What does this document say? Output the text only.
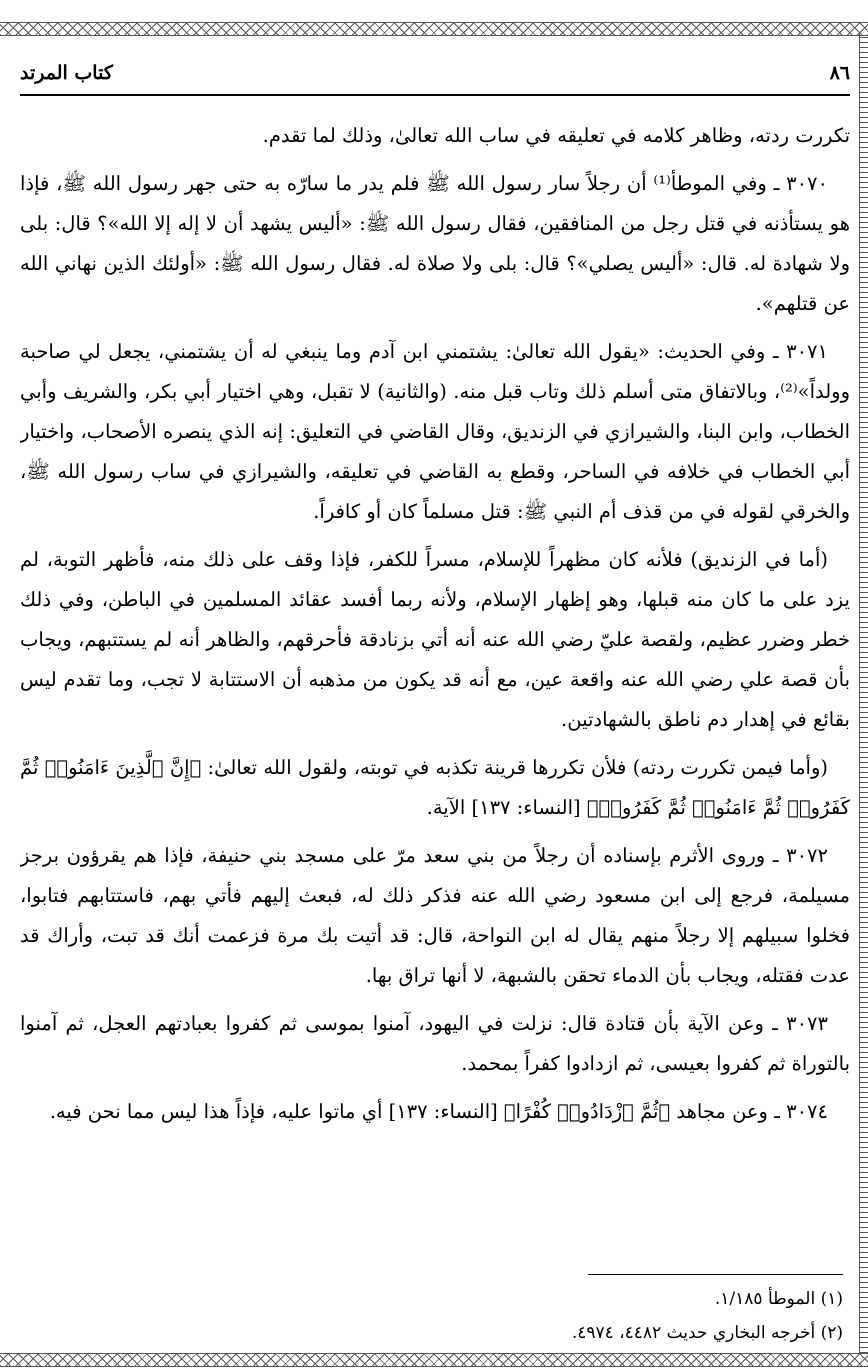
كتاب المرتد	٨٦

تكررت ردته، وظاهر كلامه في تعليقه في ساب الله تعالىٰ، وذلك لما تقدم.

٣٠٧٠ ـ وفي الموطأ⁽¹⁾ أن رجلاً سار رسول الله ﷺ فلم يدر ما سارّه به حتى جهر رسول الله ﷺ، فإذا هو يستأذنه في قتل رجل من المنافقين، فقال رسول الله ﷺ: «أليس يشهد أن لا إله إلا الله»؟ قال: بلى ولا شهادة له. قال: «أليس يصلي»؟ قال: بلى ولا صلاة له. فقال رسول الله ﷺ: «أولئك الذين نهاني الله عن قتلهم».

٣٠٧١ ـ وفي الحديث: «يقول الله تعالىٰ: يشتمني ابن آدم وما ينبغي له أن يشتمني، يجعل لي صاحبة وولداً»⁽²⁾، وبالاتفاق متى أسلم ذلك وتاب قبل منه. (والثانية) لا تقبل، وهي اختيار أبي بكر، والشريف وأبي الخطاب، وابن البنا، والشيرازي في الزنديق، وقال القاضي في التعليق: إنه الذي ينصره الأصحاب، واختيار أبي الخطاب في خلافه في الساحر، وقطع به القاضي في تعليقه، والشيرازي في ساب رسول الله ﷺ، والخرقي لقوله في من قذف أم النبي ﷺ: قتل مسلماً كان أو كافراً.

(أما في الزنديق) فلأنه كان مظهراً للإسلام، مسراً للكفر، فإذا وقف على ذلك منه، فأظهر التوبة، لم يزد على ما كان منه قبلها، وهو إظهار الإسلام، ولأنه ربما أفسد عقائد المسلمين في الباطن، وفي ذلك خطر وضرر عظيم، ولقصة عليّ رضي الله عنه أنه أتي بزنادقة فأحرقهم، والظاهر أنه لم يستتبهم، ويجاب بأن قصة علي رضي الله عنه واقعة عين، مع أنه قد يكون من مذهبه أن الاستتابة لا تجب، وما تقدم ليس بقائع في إهدار دم ناطق بالشهادتين.

(وأما فيمن تكررت ردته) فلأن تكررها قرينة تكذبه في توبته، ولقول الله تعالىٰ: ﴿إِنَّ ٱلَّذِينَ ءَامَنُوا۟ ثُمَّ كَفَرُوا۟ ثُمَّ ءَامَنُوا۟ ثُمَّ كَفَرُوا۟﴾ [النساء: ١٣٧] الآية.

٣٠٧٢ ـ وروى الأثرم بإسناده أن رجلاً من بني سعد مرّ على مسجد بني حنيفة، فإذا هم يقرؤون برجز مسيلمة، فرجع إلى ابن مسعود رضي الله عنه فذكر ذلك له، فبعث إليهم فأتي بهم، فاستتابهم فتابوا، فخلوا سبيلهم إلا رجلاً منهم يقال له ابن النواحة، قال: قد أتيت بك مرة فزعمت أنك قد تبت، وأراك قد عدت فقتله، ويجاب بأن الدماء تحقن بالشبهة، لا أنها تراق بها.

٣٠٧٣ ـ وعن الآية بأن قتادة قال: نزلت في اليهود، آمنوا بموسى ثم كفروا بعبادتهم العجل، ثم آمنوا بالتوراة ثم كفروا بعيسى، ثم ازدادوا كفراً بمحمد.

٣٠٧٤ ـ وعن مجاهد ﴿ثُمَّ ٱزْدَادُوا۟ كُفْرًا﴾ [النساء: ١٣٧] أي ماتوا عليه، فإذاً هذا ليس مما نحن فيه.

(١) الموطأ ١/١٨٥.
(٢) أخرجه البخاري حديث ٤٤٨٢، ٤٩٧٤.
